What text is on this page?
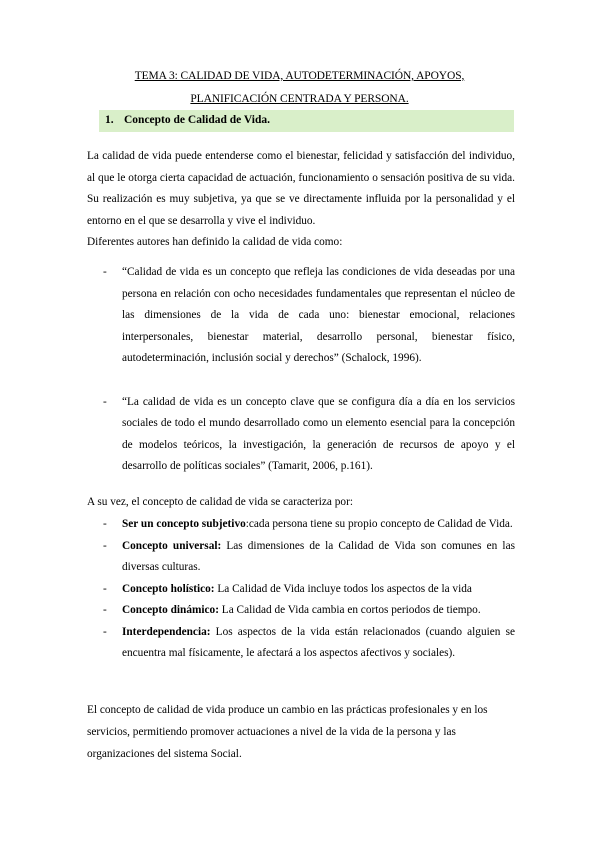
TEMA 3: CALIDAD DE VIDA, AUTODETERMINACIÓN, APOYOS,
PLANIFICACIÓN CENTRADA Y PERSONA.
1. Concepto de Calidad de Vida.
La calidad de vida puede entenderse como el bienestar, felicidad y satisfacción del individuo, al que le otorga cierta capacidad de actuación, funcionamiento o sensación positiva de su vida. Su realización es muy subjetiva, ya que se ve directamente influida por la personalidad y el entorno en el que se desarrolla y vive el individuo.
Diferentes autores han definido la calidad de vida como:
- “Calidad de vida es un concepto que refleja las condiciones de vida deseadas por una persona en relación con ocho necesidades fundamentales que representan el núcleo de las dimensiones de la vida de cada uno: bienestar emocional, relaciones interpersonales, bienestar material, desarrollo personal, bienestar físico, autodeterminación, inclusión social y derechos” (Schalock, 1996).
- “La calidad de vida es un concepto clave que se configura día a día en los servicios sociales de todo el mundo desarrollado como un elemento esencial para la concepción de modelos teóricos, la investigación, la generación de recursos de apoyo y el desarrollo de políticas sociales” (Tamarit, 2006, p.161).
A su vez, el concepto de calidad de vida se caracteriza por:
- Ser un concepto subjetivo:cada persona tiene su propio concepto de Calidad de Vida.
- Concepto universal: Las dimensiones de la Calidad de Vida son comunes en las diversas culturas.
- Concepto holístico: La Calidad de Vida incluye todos los aspectos de la vida
- Concepto dinámico: La Calidad de Vida cambia en cortos periodos de tiempo.
- Interdependencia: Los aspectos de la vida están relacionados (cuando alguien se encuentra mal físicamente, le afectará a los aspectos afectivos y sociales).
El concepto de calidad de vida produce un cambio en las prácticas profesionales y en los servicios, permitiendo promover actuaciones a nivel de la vida de la persona y las organizaciones del sistema Social.
